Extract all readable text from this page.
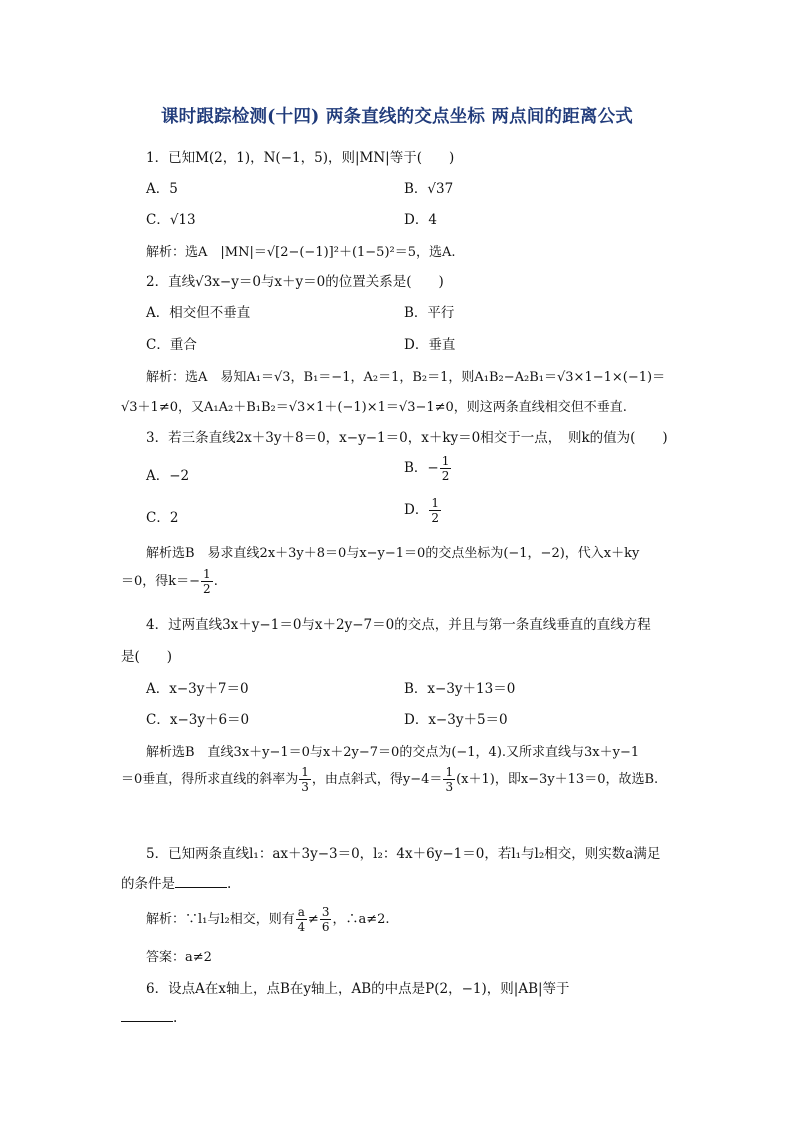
课时跟踪检测(十四) 两条直线的交点坐标 两点间的距离公式
1．已知M(2，1)，N(−1，5)，则|MN|等于(　　)
A．5	B．√37
C．√13	D．4
解析：选A　|MN|＝√[2−(−1)]²＋(1−5)²＝5，选A.
2．直线√3x−y＝0与x＋y＝0的位置关系是(　　)
A．相交但不垂直	B．平行
C．重合	D．垂直
解析：选A　易知A₁＝√3，B₁＝−1，A₂＝1，B₂＝1，则A₁B₂−A₂B₁＝√3×1−1×(−1)＝
√3＋1≠0，又A₁A₂＋B₁B₂＝√3×1＋(−1)×1＝√3−1≠0，则这两条直线相交但不垂直.
3．若三条直线2x＋3y＋8＝0，x−y−1＝0，x＋ky＝0相交于一点，　则k的值为(　　)
A．−2	B．− $\frac{1}{2}$
C．2	D． $\frac{1}{2}$
解析选B　易求直线2x＋3y＋8＝0与x−y−1＝0的交点坐标为(−1，−2)，代入x＋ky
＝0，得$k=- \frac{1}{2}$ .
4．过两直线3x＋y−1＝0与x＋2y−7＝0的交点，并且与第一条直线垂直的直线方程
是(　　)
A．x−3y＋7＝0	B．x−3y＋13＝0
C．x−3y＋6＝0	D．x−3y＋5＝0
解析选B　直线3x＋y−1＝0与x＋2y−7＝0的交点为(−1，4).又所求直线与3x＋y−1
＝0垂直，得所求直线的斜率为 $\frac{1}{3}$ ，由点斜式，得$y-4= \frac{1}{3} (x+1)$，即x−3y＋13＝0，故选B.
5．已知两条直线l₁：ax＋3y−3＝0，l₂：4x＋6y−1＝0，若l₁与l₂相交，则实数a满足
的条件是	.
解析：∵l₁与l₂相交，则有 $\frac{a}{4} \ne \frac{3}{6}$ ，∴a≠2.
答案：a≠2
6．设点A在x轴上，点B在y轴上，AB的中点是P(2，−1)，则|AB|等于
.
